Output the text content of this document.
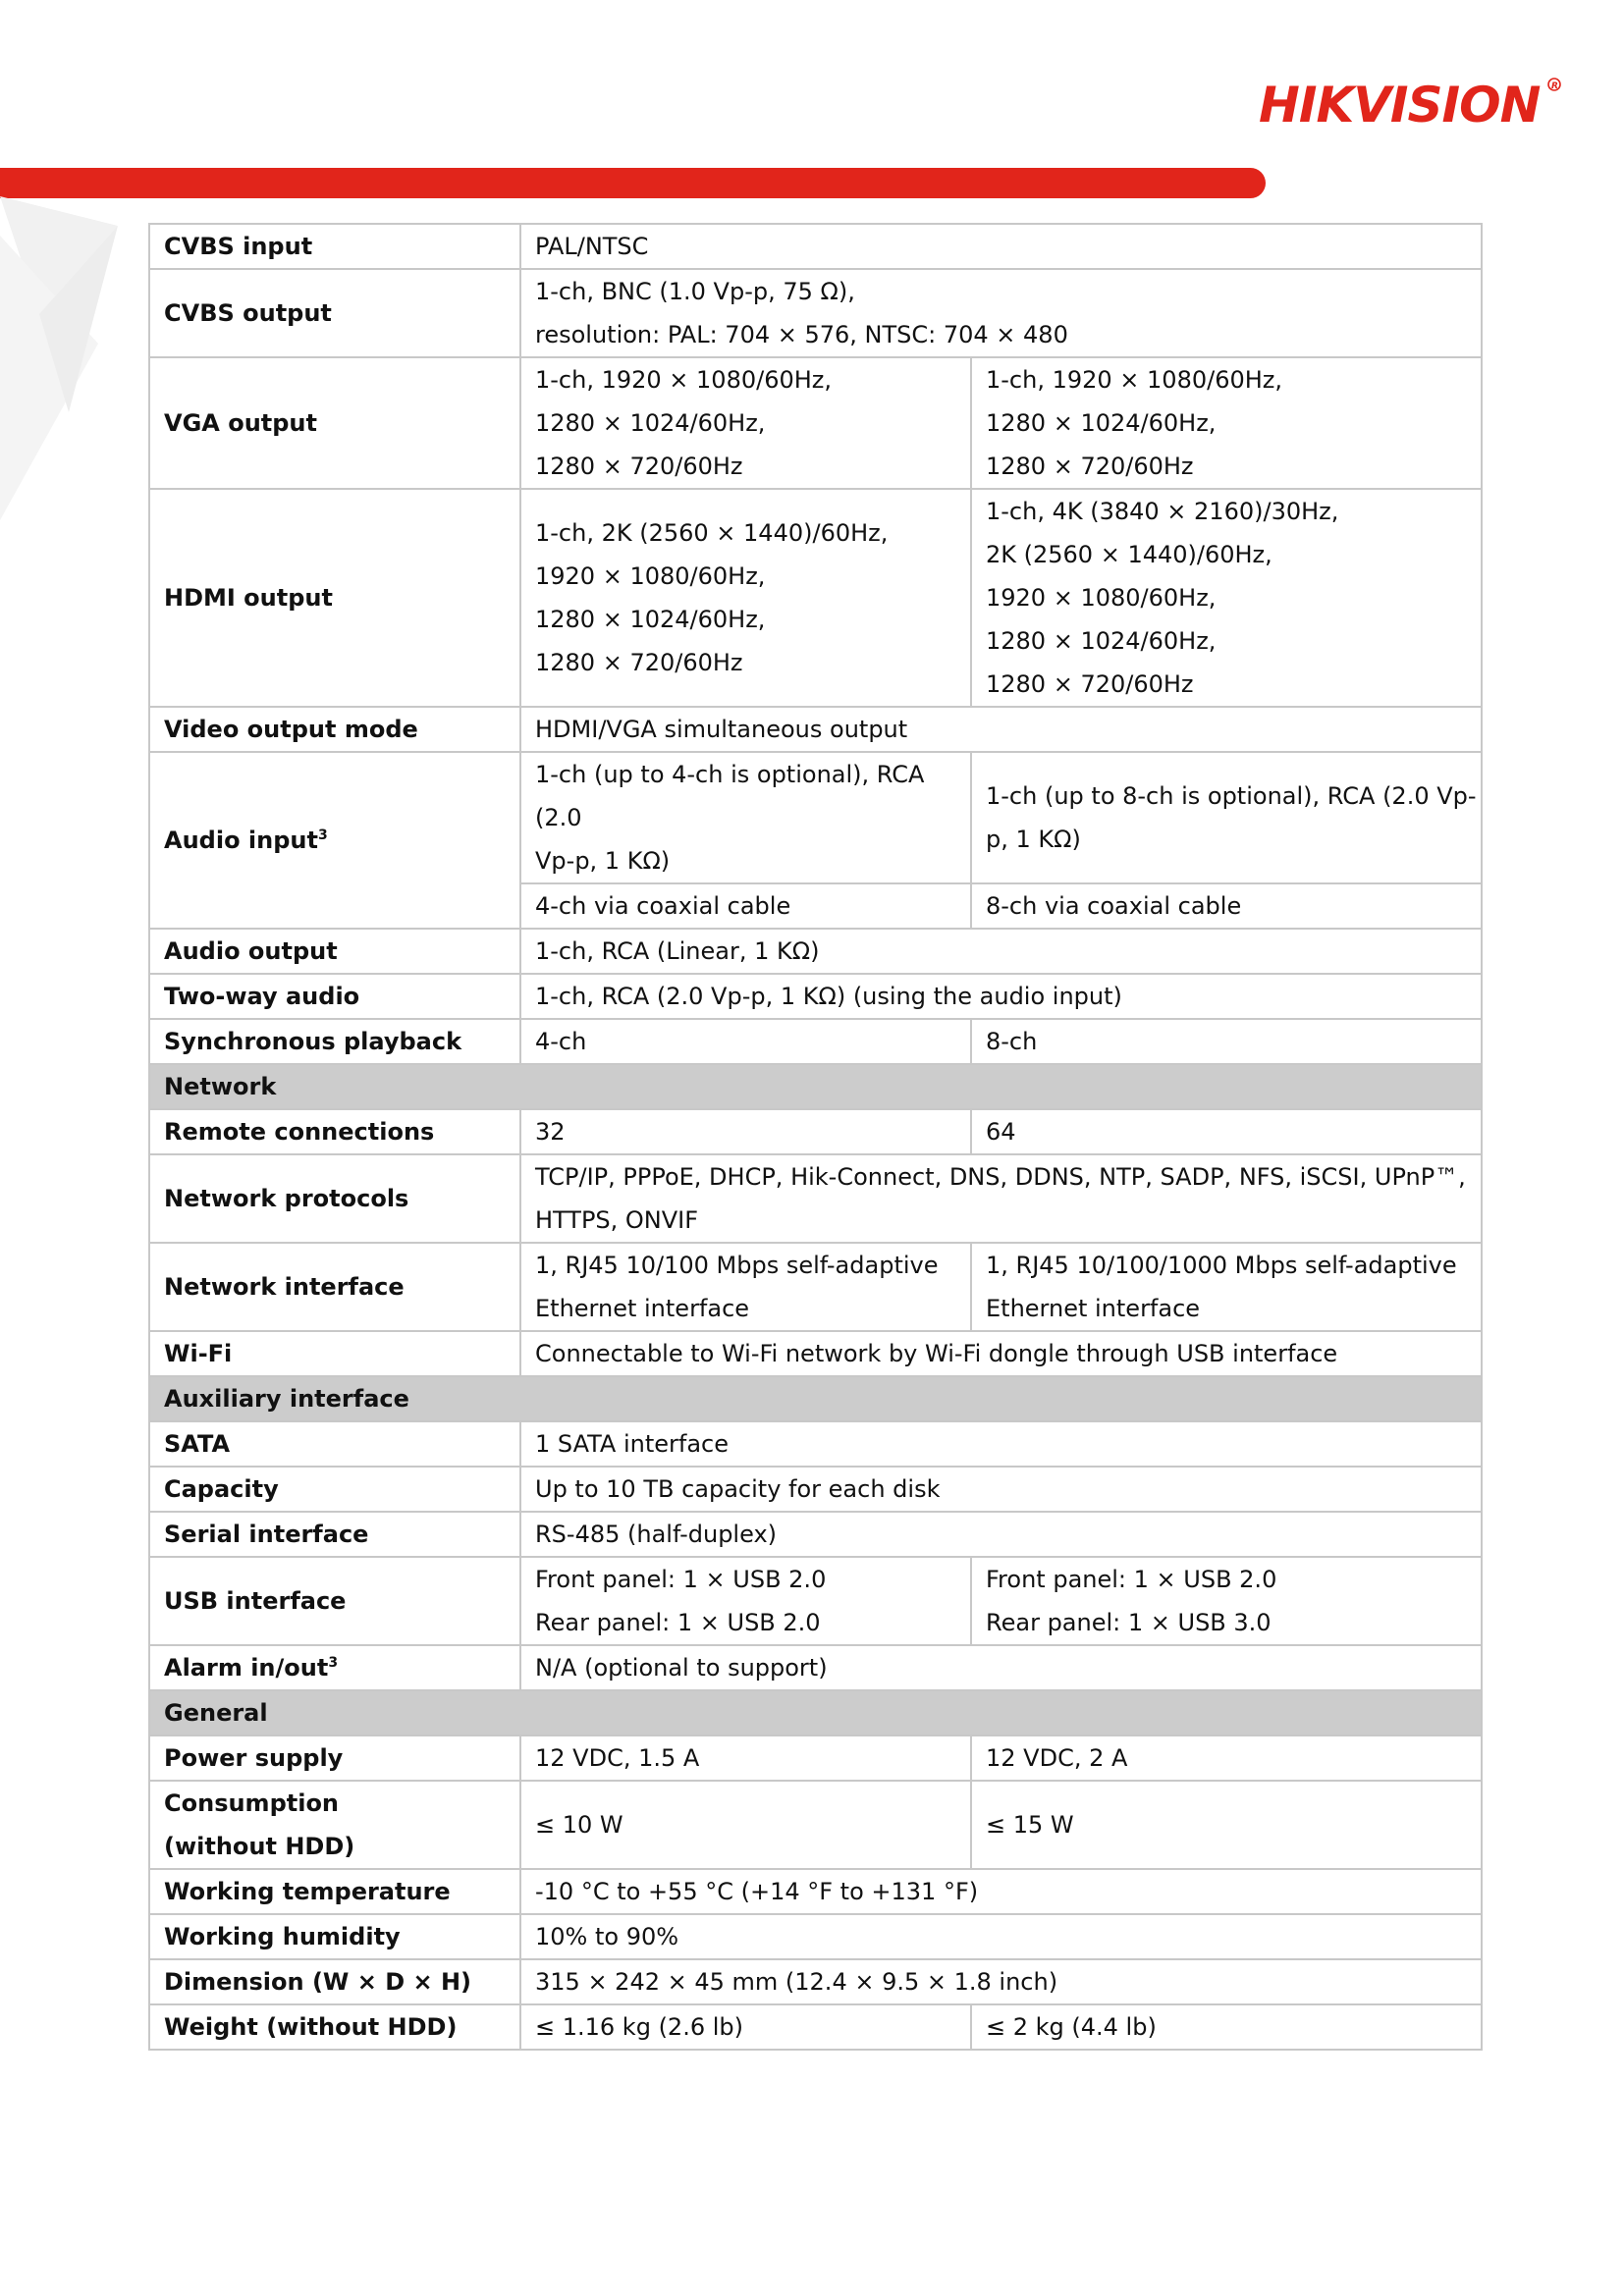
HIKVISION R
CVBS input	PAL/NTSC	
CVBS output	1-ch, BNC (1.0 Vp-p, 75 Ω),
resolution: PAL: 704 × 576, NTSC: 704 × 480	

VGA output	1-ch, 1920 × 1080/60Hz,
1280 × 1024/60Hz,
1280 × 720/60Hz	1-ch, 1920 × 1080/60Hz,
1280 × 1024/60Hz,
1280 × 720/60Hz

HDMI output	1-ch, 2K (2560 × 1440)/60Hz,
1920 × 1080/60Hz,
1280 × 1024/60Hz,
1280 × 720/60Hz	1-ch, 4K (3840 × 2160)/30Hz,
2K (2560 × 1440)/60Hz,
1920 × 1080/60Hz,
1280 × 1024/60Hz,
1280 × 720/60Hz

Video output mode	HDMI/VGA simultaneous output	
Audio input$^3$	1-ch (up to 4-ch is optional), RCA (2.0
Vp-p, 1 KΩ)	1-ch (up to 8-ch is optional), RCA (2.0 Vp-
p, 1 KΩ)

	4-ch via coaxial cable	8-ch via coaxial cable
Audio output	1-ch, RCA (Linear, 1 KΩ)	
Two-way audio	1-ch, RCA (2.0 Vp-p, 1 KΩ) (using the audio input)	
Synchronous playback	4-ch	8-ch
Network		
Remote connections	32	64
Network protocols	TCP/IP, PPPoE, DHCP, Hik-Connect, DNS, DDNS, NTP, SADP, NFS, iSCSI, UPnP™,
HTTPS, ONVIF	

Network interface	1, RJ45 10/100 Mbps self-adaptive
Ethernet interface	1, RJ45 10/100/1000 Mbps self-adaptive
Ethernet interface

Wi-Fi	Connectable to Wi-Fi network by Wi-Fi dongle through USB interface	
Auxiliary interface		
SATA	1 SATA interface	
Capacity	Up to 10 TB capacity for each disk	
Serial interface	RS-485 (half-duplex)	
USB interface	Front panel: 1 × USB 2.0
Rear panel: 1 × USB 2.0	Front panel: 1 × USB 2.0
Rear panel: 1 × USB 3.0

Alarm in/out$^3$	N/A (optional to support)	
General		
Power supply	12 VDC, 1.5 A	12 VDC, 2 A

Consumption
(without HDD)	≤ 10 W	≤ 15 W
Working temperature	-10 °C to +55 °C (+14 °F to +131 °F)	
Working humidity	10% to 90%	
Dimension (W × D × H)	315 × 242 × 45 mm (12.4 × 9.5 × 1.8 inch)	
Weight (without HDD)	≤ 1.16 kg (2.6 lb)	≤ 2 kg (4.4 lb)
